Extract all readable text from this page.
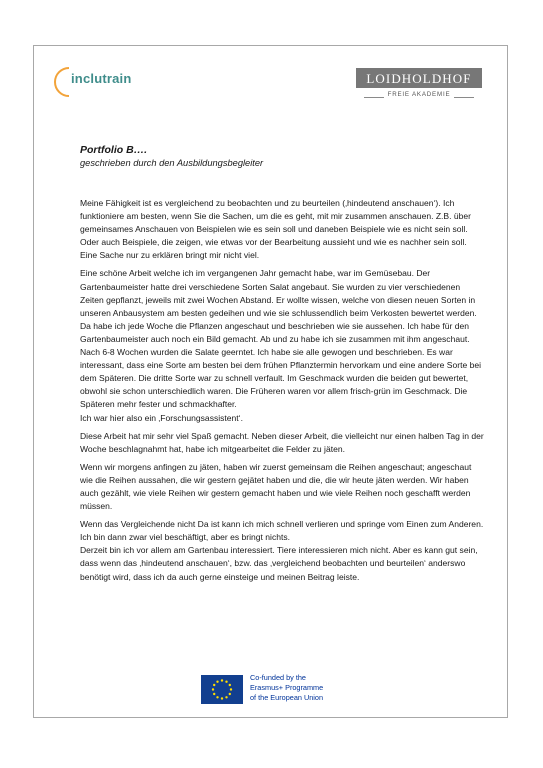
inclutrain	LOIDHOLDHOF
FREIE AKADEMIE
Portfolio B….
geschrieben durch den Ausbildungsbegleiter

Meine Fähigkeit ist es vergleichend zu beobachten und zu beurteilen (‚hindeutend anschauen‘). Ich funktioniere am besten, wenn Sie die Sachen, um die es geht, mit mir zusammen anschauen. Z.B. über gemeinsames Anschauen von Beispielen wie es sein soll und daneben Beispiele wie es nicht sein soll. Oder auch Beispiele, die zeigen, wie etwas vor der Bearbeitung aussieht und wie es nachher sein soll. Eine Sache nur zu erklären bringt mir nicht viel.

Eine schöne Arbeit welche ich im vergangenen Jahr gemacht habe, war im Gemüsebau. Der Gartenbaumeister hatte drei verschiedene Sorten Salat angebaut. Sie wurden zu vier verschiedenen Zeiten gepflanzt, jeweils mit zwei Wochen Abstand. Er wollte wissen, welche von diesen neuen Sorten in unseren Anbausystem am besten gedeihen und wie sie schlussendlich beim Verkosten bewertet werden.
Da habe ich jede Woche die Pflanzen angeschaut und beschrieben wie sie aussehen. Ich habe für den Gartenbaumeister auch noch ein Bild gemacht. Ab und zu habe ich sie zusammen mit ihm angeschaut.
Nach 6-8 Wochen wurden die Salate geerntet. Ich habe sie alle gewogen und beschrieben. Es war interessant, dass eine Sorte am besten bei dem frühen Pflanztermin hervorkam und eine andere Sorte bei dem Späteren. Die dritte Sorte war zu schnell verfault. Im Geschmack wurden die beiden gut bewertet, obwohl sie schon unterschiedlich waren. Die Früheren waren vor allem frisch-grün im Geschmack. Die Späteren mehr fester und schmackhafter.
Ich war hier also ein ‚Forschungsassistent‘.

Diese Arbeit hat mir sehr viel Spaß gemacht. Neben dieser Arbeit, die vielleicht nur einen halben Tag in der Woche beschlagnahmt hat, habe ich mitgearbeitet die Felder zu jäten.

Wenn wir morgens anfingen zu jäten, haben wir zuerst gemeinsam die Reihen angeschaut; angeschaut wie die Reihen aussahen, die wir gestern gejätet haben und die, die wir heute jäten werden. Wir haben auch gezählt, wie viele Reihen wir gestern gemacht haben und wie viele Reihen noch geschafft werden müssen.

Wenn das Vergleichende nicht Da ist kann ich mich schnell verlieren und springe vom Einen zum Anderen. Ich bin dann zwar viel beschäftigt, aber es bringt nichts.
Derzeit bin ich vor allem am Gartenbau interessiert. Tiere interessieren mich nicht. Aber es kann gut sein, dass wenn das ‚hindeutend anschauen‘, bzw. das ‚vergleichend beobachten und beurteilen‘ anderswo benötigt wird, dass ich da auch gerne einsteige und meinen Beitrag leiste.

Co-funded by the
Erasmus+ Programme
of the European Union
